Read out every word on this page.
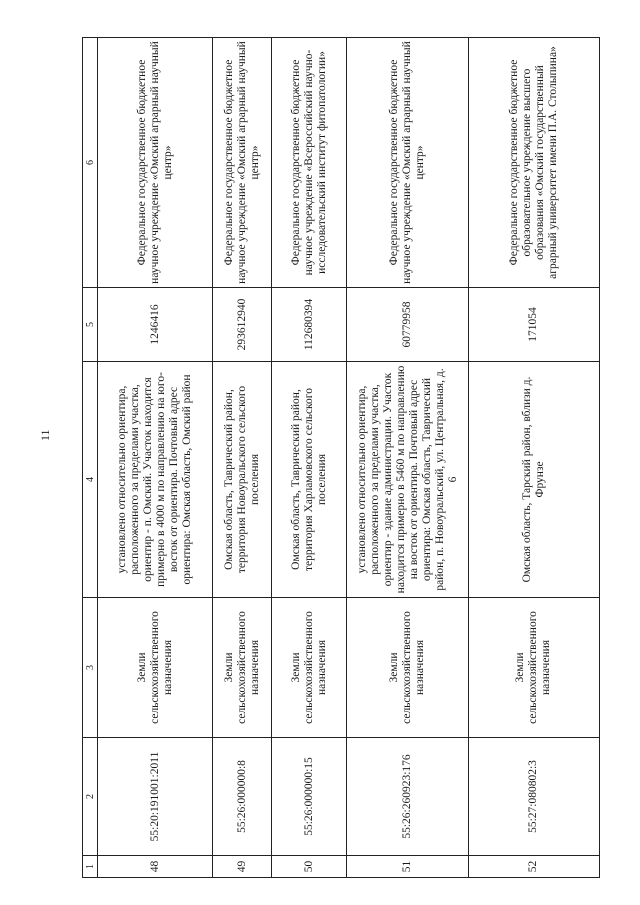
11
1	2	3	4	5	6
48	55:20:191001:2011	Земли сельскохозяйственного назначения	установлено относительно ориентира, расположенного за пределами участка, ориентир - п. Омский. Участок находится примерно в 4000 м по направлению на юго-восток от ориентира. Почтовый адрес ориентира: Омская область, Омский район	1246416	Федеральное государственное бюджетное научное учреждение «Омский аграрный научный центр»
49	55:26:000000:8	Земли сельскохозяйственного назначения	Омская область, Таврический район, территория Новоуральского сельского поселения	293612940	Федеральное государственное бюджетное научное учреждение «Омский аграрный научный центр»
50	55:26:000000:15	Земли сельскохозяйственного назначения	Омская область, Таврический район, территория Харламовского сельского поселения	112680394	Федеральное государственное бюджетное научное учреждение «Всероссийский научно-исследовательский институт фитопатологии»
51	55:26:260923:176	Земли сельскохозяйственного назначения	установлено относительно ориентира, расположенного за пределами участка, ориентир - здание администрации. Участок находится примерно в 5460 м по направлению на восток от ориентира. Почтовый адрес ориентира: Омская область, Таврический район, п. Новоуральский, ул. Центральная, д. 6	60779958	Федеральное государственное бюджетное научное учреждение «Омский аграрный научный центр»
52	55:27:080802:3	Земли сельскохозяйственного назначения	Омская область, Тарский район, вблизи д. Фрунзе	171054	Федеральное государственное бюджетное образовательное учреждение высшего образования «Омский государственный аграрный университет имени П.А. Столыпина»
